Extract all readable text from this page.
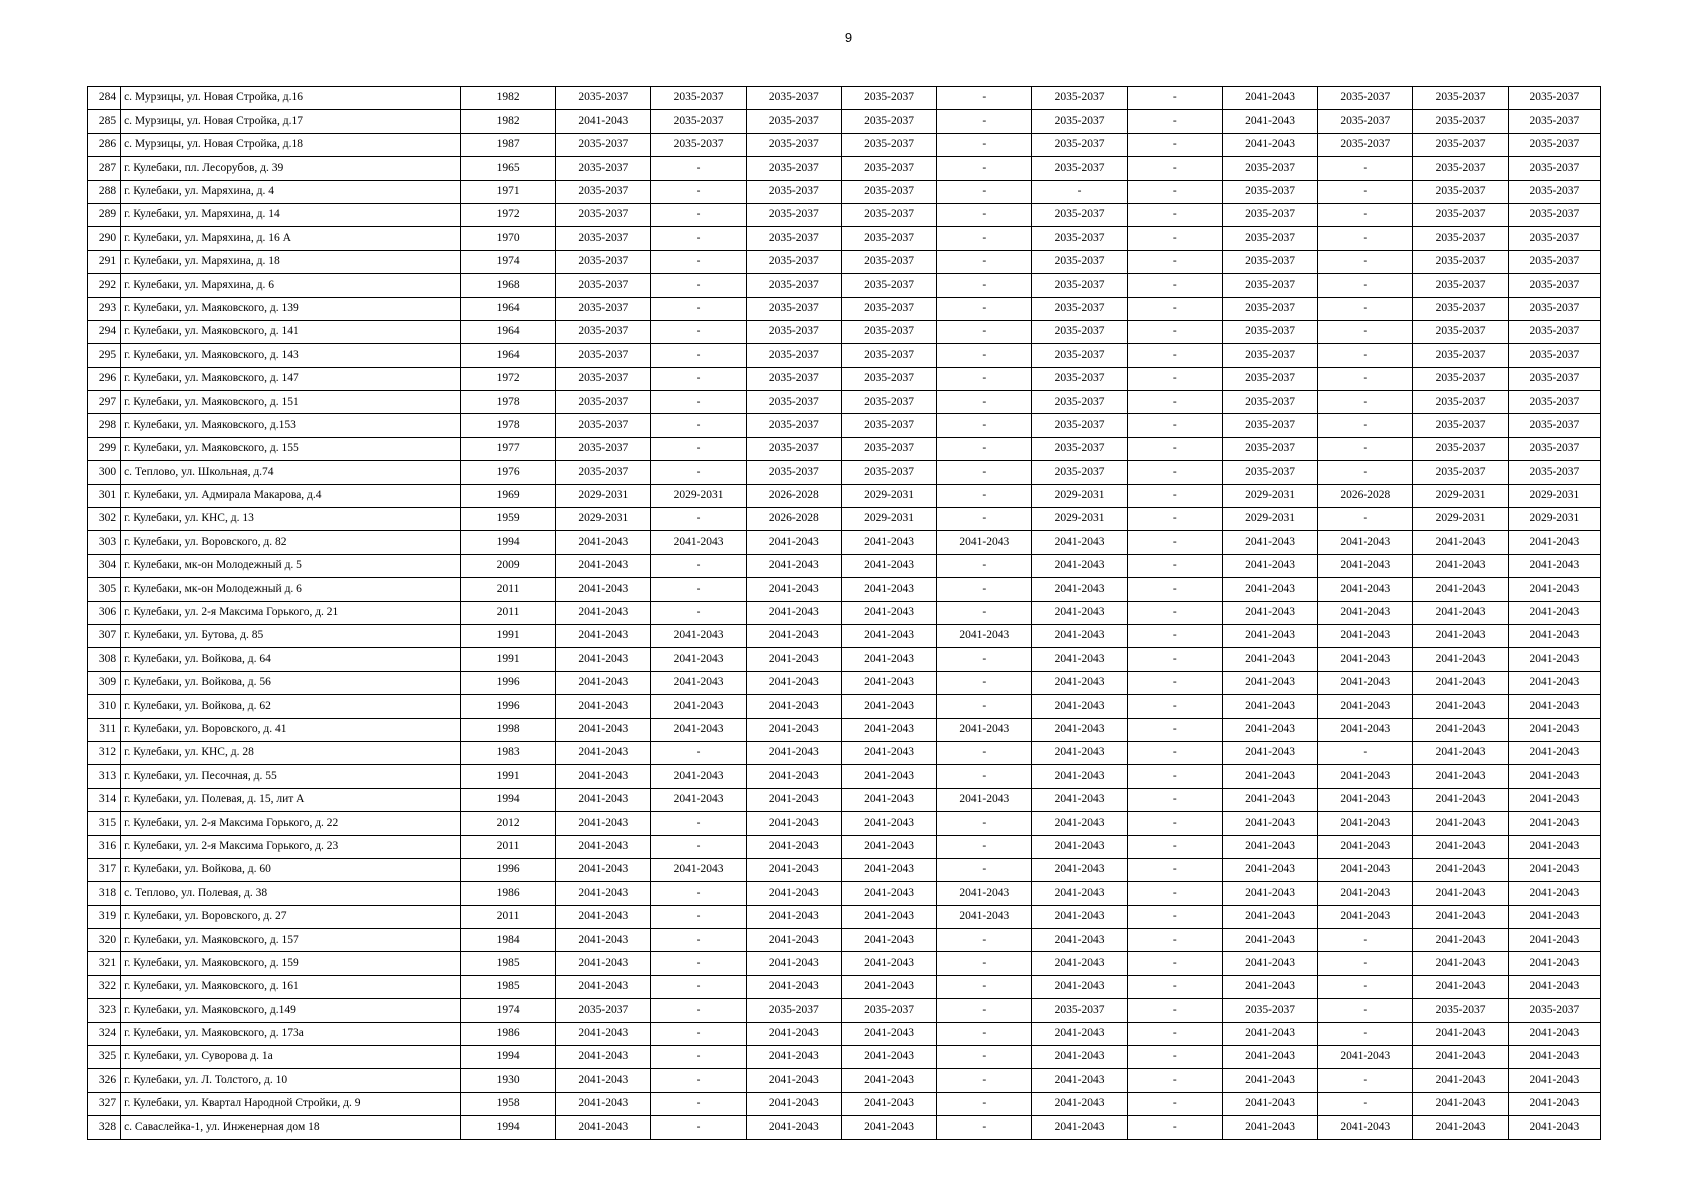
9
284	с. Мурзицы, ул. Новая Стройка, д.16	1982	2035-2037	2035-2037	2035-2037	2035-2037	-	2035-2037	-	2041-2043	2035-2037	2035-2037	2035-2037
285	с. Мурзицы, ул. Новая Стройка, д.17	1982	2041-2043	2035-2037	2035-2037	2035-2037	-	2035-2037	-	2041-2043	2035-2037	2035-2037	2035-2037
286	с. Мурзицы, ул. Новая Стройка, д.18	1987	2035-2037	2035-2037	2035-2037	2035-2037	-	2035-2037	-	2041-2043	2035-2037	2035-2037	2035-2037
287	г. Кулебаки, пл. Лесорубов, д. 39	1965	2035-2037	-	2035-2037	2035-2037	-	2035-2037	-	2035-2037	-	2035-2037	2035-2037
288	г. Кулебаки, ул. Маряхина, д. 4	1971	2035-2037	-	2035-2037	2035-2037	-	-	-	2035-2037	-	2035-2037	2035-2037
289	г. Кулебаки, ул. Маряхина, д. 14	1972	2035-2037	-	2035-2037	2035-2037	-	2035-2037	-	2035-2037	-	2035-2037	2035-2037
290	г. Кулебаки, ул. Маряхина, д. 16 А	1970	2035-2037	-	2035-2037	2035-2037	-	2035-2037	-	2035-2037	-	2035-2037	2035-2037
291	г. Кулебаки, ул. Маряхина, д. 18	1974	2035-2037	-	2035-2037	2035-2037	-	2035-2037	-	2035-2037	-	2035-2037	2035-2037
292	г. Кулебаки, ул. Маряхина, д. 6	1968	2035-2037	-	2035-2037	2035-2037	-	2035-2037	-	2035-2037	-	2035-2037	2035-2037
293	г. Кулебаки, ул. Маяковского, д. 139	1964	2035-2037	-	2035-2037	2035-2037	-	2035-2037	-	2035-2037	-	2035-2037	2035-2037
294	г. Кулебаки, ул. Маяковского, д. 141	1964	2035-2037	-	2035-2037	2035-2037	-	2035-2037	-	2035-2037	-	2035-2037	2035-2037
295	г. Кулебаки, ул. Маяковского, д. 143	1964	2035-2037	-	2035-2037	2035-2037	-	2035-2037	-	2035-2037	-	2035-2037	2035-2037
296	г. Кулебаки, ул. Маяковского, д. 147	1972	2035-2037	-	2035-2037	2035-2037	-	2035-2037	-	2035-2037	-	2035-2037	2035-2037
297	г. Кулебаки, ул. Маяковского, д. 151	1978	2035-2037	-	2035-2037	2035-2037	-	2035-2037	-	2035-2037	-	2035-2037	2035-2037
298	г. Кулебаки, ул. Маяковского, д.153	1978	2035-2037	-	2035-2037	2035-2037	-	2035-2037	-	2035-2037	-	2035-2037	2035-2037
299	г. Кулебаки, ул. Маяковского, д. 155	1977	2035-2037	-	2035-2037	2035-2037	-	2035-2037	-	2035-2037	-	2035-2037	2035-2037
300	с. Теплово, ул. Школьная, д.74	1976	2035-2037	-	2035-2037	2035-2037	-	2035-2037	-	2035-2037	-	2035-2037	2035-2037
301	г. Кулебаки, ул. Адмирала Макарова, д.4	1969	2029-2031	2029-2031	2026-2028	2029-2031	-	2029-2031	-	2029-2031	2026-2028	2029-2031	2029-2031
302	г. Кулебаки, ул. КНС, д. 13	1959	2029-2031	-	2026-2028	2029-2031	-	2029-2031	-	2029-2031	-	2029-2031	2029-2031
303	г. Кулебаки, ул. Воровского, д. 82	1994	2041-2043	2041-2043	2041-2043	2041-2043	2041-2043	2041-2043	-	2041-2043	2041-2043	2041-2043	2041-2043
304	г. Кулебаки, мк-он Молодежный д. 5	2009	2041-2043	-	2041-2043	2041-2043	-	2041-2043	-	2041-2043	2041-2043	2041-2043	2041-2043
305	г. Кулебаки, мк-он Молодежный д. 6	2011	2041-2043	-	2041-2043	2041-2043	-	2041-2043	-	2041-2043	2041-2043	2041-2043	2041-2043
306	г. Кулебаки, ул. 2-я Максима Горького, д. 21	2011	2041-2043	-	2041-2043	2041-2043	-	2041-2043	-	2041-2043	2041-2043	2041-2043	2041-2043
307	г. Кулебаки, ул. Бутова, д. 85	1991	2041-2043	2041-2043	2041-2043	2041-2043	2041-2043	2041-2043	-	2041-2043	2041-2043	2041-2043	2041-2043
308	г. Кулебаки, ул. Войкова, д. 64	1991	2041-2043	2041-2043	2041-2043	2041-2043	-	2041-2043	-	2041-2043	2041-2043	2041-2043	2041-2043
309	г. Кулебаки, ул. Войкова, д. 56	1996	2041-2043	2041-2043	2041-2043	2041-2043	-	2041-2043	-	2041-2043	2041-2043	2041-2043	2041-2043
310	г. Кулебаки, ул. Войкова, д. 62	1996	2041-2043	2041-2043	2041-2043	2041-2043	-	2041-2043	-	2041-2043	2041-2043	2041-2043	2041-2043
311	г. Кулебаки, ул. Воровского, д. 41	1998	2041-2043	2041-2043	2041-2043	2041-2043	2041-2043	2041-2043	-	2041-2043	2041-2043	2041-2043	2041-2043
312	г. Кулебаки, ул. КНС, д. 28	1983	2041-2043	-	2041-2043	2041-2043	-	2041-2043	-	2041-2043	-	2041-2043	2041-2043
313	г. Кулебаки, ул. Песочная, д. 55	1991	2041-2043	2041-2043	2041-2043	2041-2043	-	2041-2043	-	2041-2043	2041-2043	2041-2043	2041-2043
314	г. Кулебаки, ул. Полевая, д. 15, лит А	1994	2041-2043	2041-2043	2041-2043	2041-2043	2041-2043	2041-2043	-	2041-2043	2041-2043	2041-2043	2041-2043
315	г. Кулебаки, ул. 2-я Максима Горького, д. 22	2012	2041-2043	-	2041-2043	2041-2043	-	2041-2043	-	2041-2043	2041-2043	2041-2043	2041-2043
316	г. Кулебаки, ул. 2-я Максима Горького, д. 23	2011	2041-2043	-	2041-2043	2041-2043	-	2041-2043	-	2041-2043	2041-2043	2041-2043	2041-2043
317	г. Кулебаки, ул. Войкова, д. 60	1996	2041-2043	2041-2043	2041-2043	2041-2043	-	2041-2043	-	2041-2043	2041-2043	2041-2043	2041-2043
318	с. Теплово, ул. Полевая, д. 38	1986	2041-2043	-	2041-2043	2041-2043	2041-2043	2041-2043	-	2041-2043	2041-2043	2041-2043	2041-2043
319	г. Кулебаки, ул. Воровского, д. 27	2011	2041-2043	-	2041-2043	2041-2043	2041-2043	2041-2043	-	2041-2043	2041-2043	2041-2043	2041-2043
320	г. Кулебаки, ул. Маяковского, д. 157	1984	2041-2043	-	2041-2043	2041-2043	-	2041-2043	-	2041-2043	-	2041-2043	2041-2043
321	г. Кулебаки, ул. Маяковского, д. 159	1985	2041-2043	-	2041-2043	2041-2043	-	2041-2043	-	2041-2043	-	2041-2043	2041-2043
322	г. Кулебаки, ул. Маяковского, д. 161	1985	2041-2043	-	2041-2043	2041-2043	-	2041-2043	-	2041-2043	-	2041-2043	2041-2043
323	г. Кулебаки, ул. Маяковского, д.149	1974	2035-2037	-	2035-2037	2035-2037	-	2035-2037	-	2035-2037	-	2035-2037	2035-2037
324	г. Кулебаки, ул. Маяковского, д. 173а	1986	2041-2043	-	2041-2043	2041-2043	-	2041-2043	-	2041-2043	-	2041-2043	2041-2043
325	г. Кулебаки, ул. Суворова д. 1а	1994	2041-2043	-	2041-2043	2041-2043	-	2041-2043	-	2041-2043	2041-2043	2041-2043	2041-2043
326	г. Кулебаки, ул. Л. Толстого, д. 10	1930	2041-2043	-	2041-2043	2041-2043	-	2041-2043	-	2041-2043	-	2041-2043	2041-2043
327	г. Кулебаки, ул. Квартал Народной Стройки, д. 9	1958	2041-2043	-	2041-2043	2041-2043	-	2041-2043	-	2041-2043	-	2041-2043	2041-2043
328	с. Саваслейка-1, ул. Инженерная дом 18	1994	2041-2043	-	2041-2043	2041-2043	-	2041-2043	-	2041-2043	2041-2043	2041-2043	2041-2043
